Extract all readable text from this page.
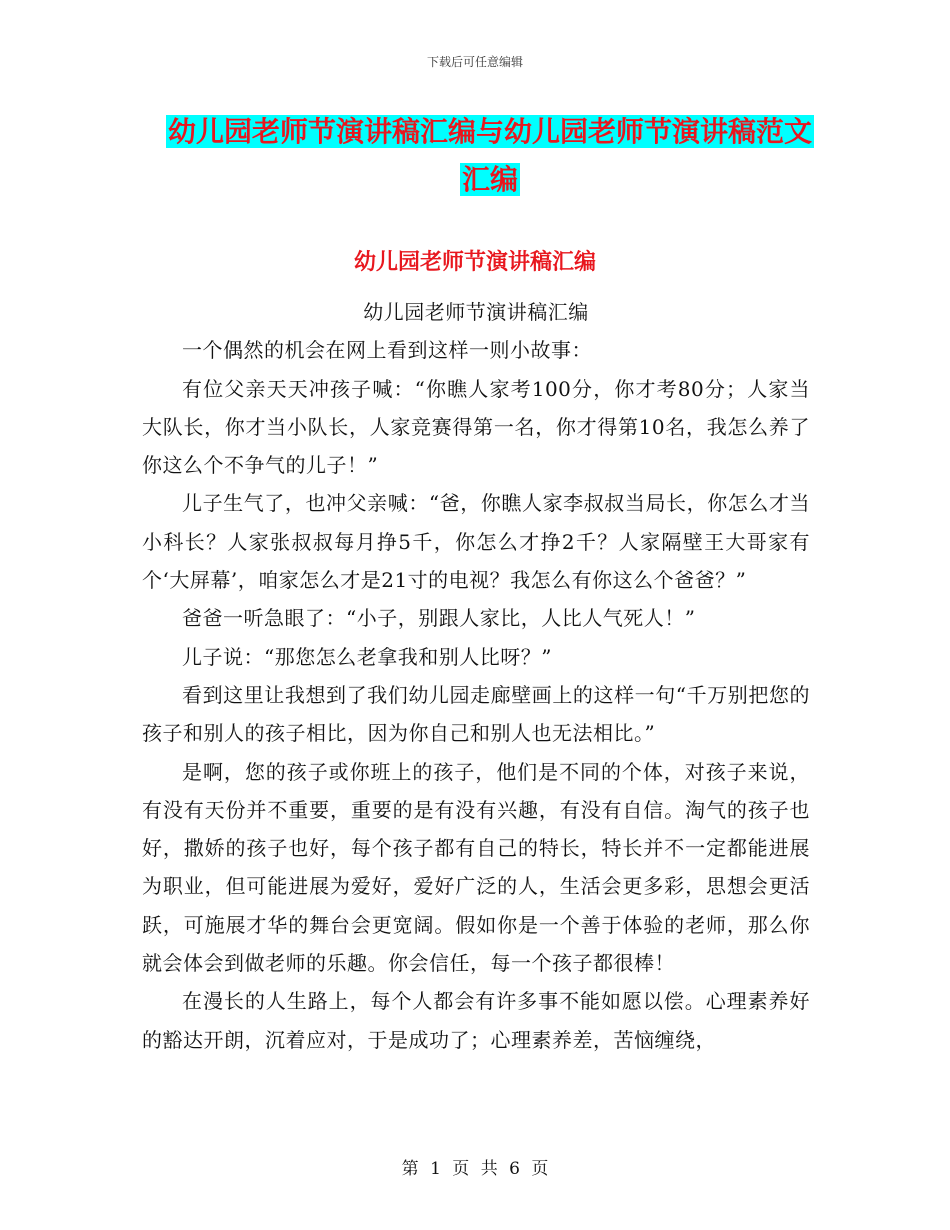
下载后可任意编辑
幼儿园老师节演讲稿汇编与幼儿园老师节演讲稿范文
汇编
幼儿园老师节演讲稿汇编

幼儿园老师节演讲稿汇编

一个偶然的机会在网上看到这样一则小故事：

有位父亲天天冲孩子喊：“你瞧人家考100分，你才考80分；人家当大队长，你才当小队长，人家竞赛得第一名，你才得第10名，我怎么养了你这么个不争气的儿子！”

儿子生气了，也冲父亲喊：“爸，你瞧人家李叔叔当局长，你怎么才当小科长？人家张叔叔每月挣5千，你怎么才挣2千？人家隔壁王大哥家有个‘大屏幕’，咱家怎么才是21寸的电视？我怎么有你这么个爸爸？”

爸爸一听急眼了：“小子，别跟人家比，人比人气死人！”

儿子说：“那您怎么老拿我和别人比呀？”

看到这里让我想到了我们幼儿园走廊壁画上的这样一句“千万别把您的孩子和别人的孩子相比，因为你自己和别人也无法相比。”

是啊，您的孩子或你班上的孩子，他们是不同的个体，对孩子来说，有没有天份并不重要，重要的是有没有兴趣，有没有自信。淘气的孩子也好，撒娇的孩子也好，每个孩子都有自己的特长，特长并不一定都能进展为职业，但可能进展为爱好，爱好广泛的人，生活会更多彩，思想会更活跃，可施展才华的舞台会更宽阔。假如你是一个善于体验的老师，那么你就会体会到做老师的乐趣。你会信任，每一个孩子都很棒！

在漫长的人生路上，每个人都会有许多事不能如愿以偿。心理素养好的豁达开朗，沉着应对，于是成功了；心理素养差，苦恼缠绕，

第 1 页 共 6 页
